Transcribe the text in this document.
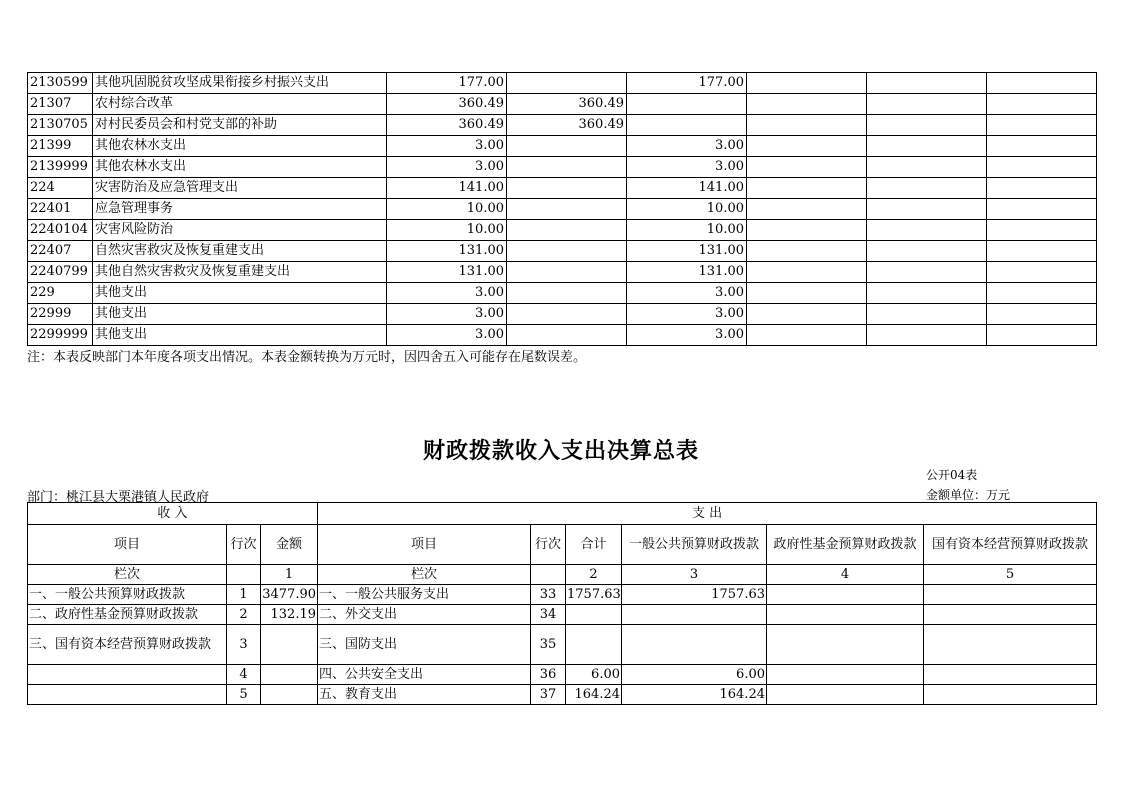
2130599	其他巩固脱贫攻坚成果衔接乡村振兴支出	177.00		177.00			
21307	农村综合改革	360.49	360.49				
2130705	对村民委员会和村党支部的补助	360.49	360.49				
21399	其他农林水支出	3.00		3.00			
2139999	其他农林水支出	3.00		3.00			
224	灾害防治及应急管理支出	141.00		141.00			
22401	应急管理事务	10.00		10.00			
2240104	灾害风险防治	10.00		10.00			
22407	自然灾害救灾及恢复重建支出	131.00		131.00			
2240799	其他自然灾害救灾及恢复重建支出	131.00		131.00			
229	其他支出	3.00		3.00			
22999	其他支出	3.00		3.00			
2299999	其他支出	3.00		3.00			
注：本表反映部门本年度各项支出情况。本表金额转换为万元时，因四舍五入可能存在尾数误差。
财政拨款收入支出决算总表
公开04表
部门：桃江县大栗港镇人民政府	金额单位：万元
收 入			支 出					
项目	行次	金额	项目	行次	合计	一般公共预算财政拨款	政府性基金预算财政拨款	国有资本经营预算财政拨款
栏次		1	栏次		2	3	4	5
一、一般公共预算财政拨款	1	3477.90	一、一般公共服务支出	33	1757.63	1757.63		
二、政府性基金预算财政拨款	2	132.19	二、外交支出	34				
三、国有资本经营预算财政拨款	3		三、国防支出	35				
	4		四、公共安全支出	36	6.00	6.00		
	5		五、教育支出	37	164.24	164.24		
